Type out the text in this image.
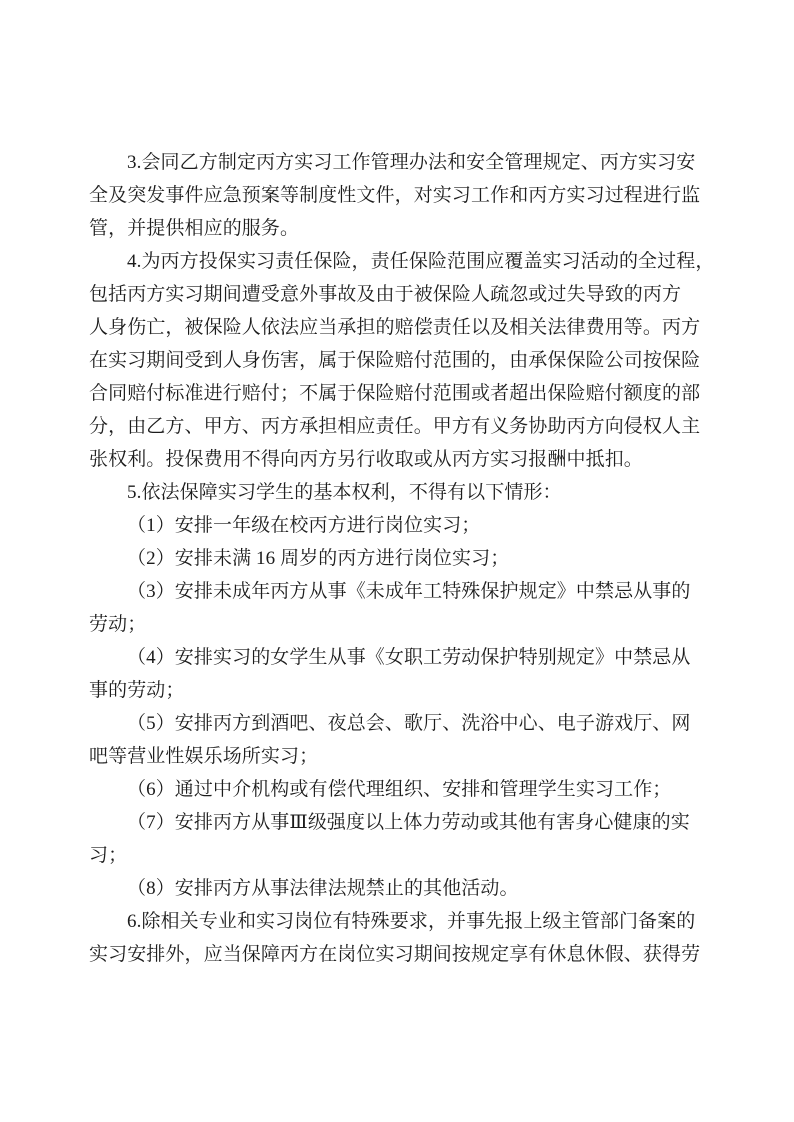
3.会同乙方制定丙方实习工作管理办法和安全管理规定、丙方实习安
全及突发事件应急预案等制度性文件，对实习工作和丙方实习过程进行监
管，并提供相应的服务。
4.为丙方投保实习责任保险，责任保险范围应覆盖实习活动的全过程，
包括丙方实习期间遭受意外事故及由于被保险人疏忽或过失导致的丙方
人身伤亡，被保险人依法应当承担的赔偿责任以及相关法律费用等。丙方
在实习期间受到人身伤害，属于保险赔付范围的，由承保保险公司按保险
合同赔付标准进行赔付；不属于保险赔付范围或者超出保险赔付额度的部
分，由乙方、甲方、丙方承担相应责任。甲方有义务协助丙方向侵权人主
张权利。投保费用不得向丙方另行收取或从丙方实习报酬中抵扣。
5.依法保障实习学生的基本权利，不得有以下情形：
（1）安排一年级在校丙方进行岗位实习；
（2）安排未满 16 周岁的丙方进行岗位实习；
（3）安排未成年丙方从事《未成年工特殊保护规定》中禁忌从事的
劳动；
（4）安排实习的女学生从事《女职工劳动保护特别规定》中禁忌从
事的劳动；
（5）安排丙方到酒吧、夜总会、歌厅、洗浴中心、电子游戏厅、网
吧等营业性娱乐场所实习；
（6）通过中介机构或有偿代理组织、安排和管理学生实习工作；
（7）安排丙方从事Ⅲ级强度以上体力劳动或其他有害身心健康的实
习；
（8）安排丙方从事法律法规禁止的其他活动。
6.除相关专业和实习岗位有特殊要求，并事先报上级主管部门备案的
实习安排外，应当保障丙方在岗位实习期间按规定享有休息休假、获得劳
